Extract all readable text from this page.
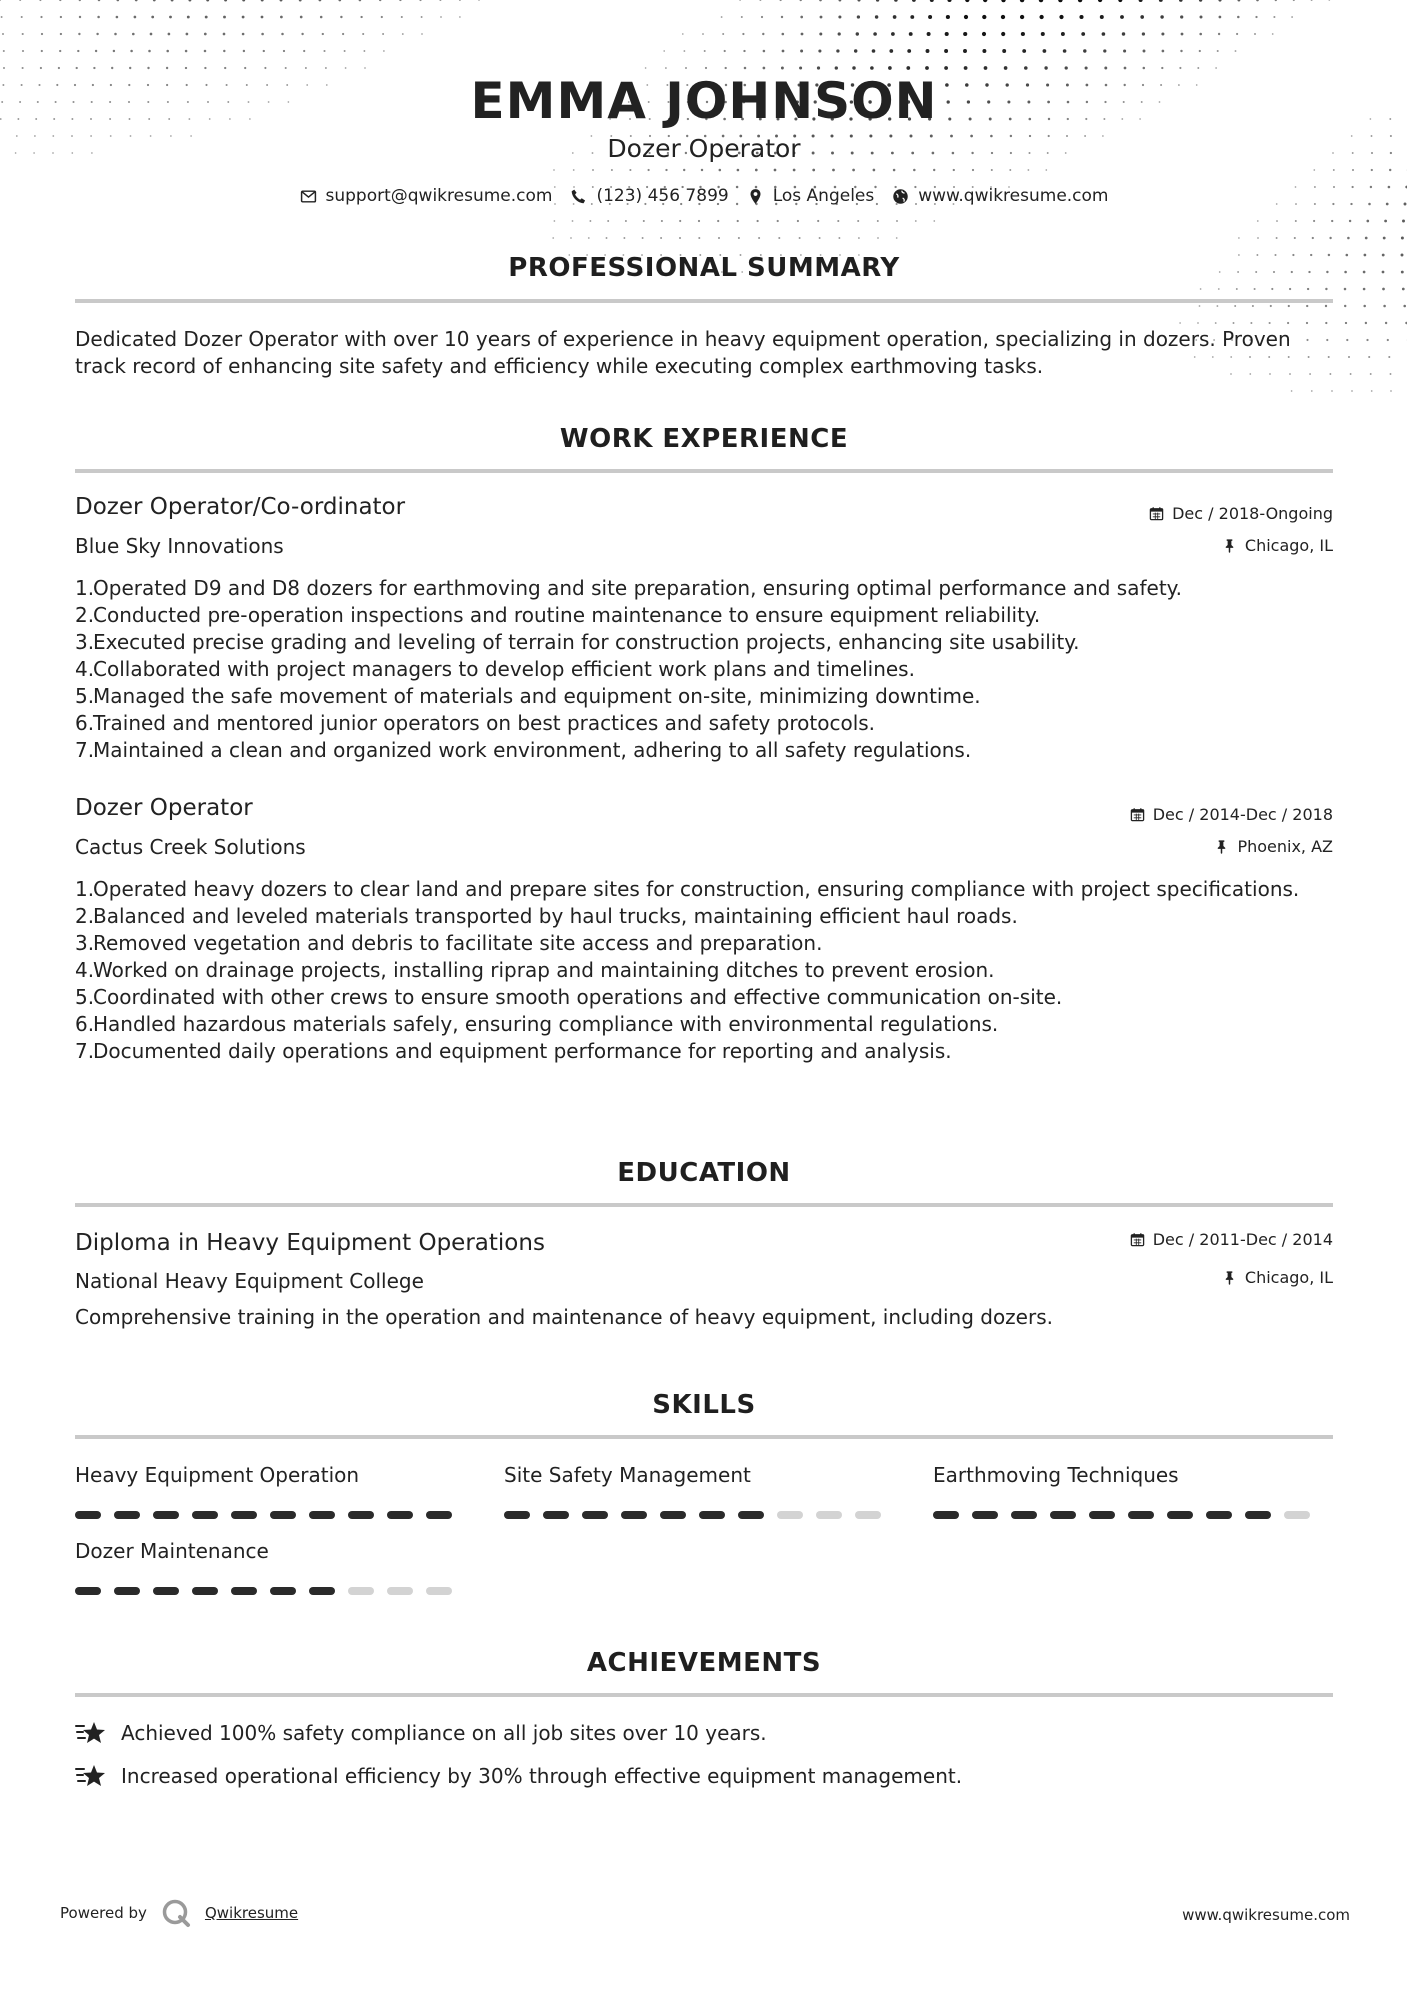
EMMA JOHNSON
Dozer Operator
support@qwikresume.com	(123) 456 7899	Los Angeles	www.qwikresume.com
PROFESSIONAL SUMMARY
Dedicated Dozer Operator with over 10 years of experience in heavy equipment operation, specializing in dozers. Proven track record of enhancing site safety and efficiency while executing complex earthmoving tasks.
WORK EXPERIENCE
Dozer Operator/Co-ordinator	Dec / 2018-Ongoing
Blue Sky Innovations	Chicago, IL
1.
Operated D9 and D8 dozers for earthmoving and site preparation, ensuring optimal performance and safety.
2.
Conducted pre-operation inspections and routine maintenance to ensure equipment reliability.
3.
Executed precise grading and leveling of terrain for construction projects, enhancing site usability.
4.
Collaborated with project managers to develop efficient work plans and timelines.
5.
Managed the safe movement of materials and equipment on-site, minimizing downtime.
6.
Trained and mentored junior operators on best practices and safety protocols.
7.
Maintained a clean and organized work environment, adhering to all safety regulations.
Dozer Operator	Dec / 2014-Dec / 2018
Cactus Creek Solutions	Phoenix, AZ
1.
Operated heavy dozers to clear land and prepare sites for construction, ensuring compliance with project specifications.
2.
Balanced and leveled materials transported by haul trucks, maintaining efficient haul roads.
3.
Removed vegetation and debris to facilitate site access and preparation.
4.
Worked on drainage projects, installing riprap and maintaining ditches to prevent erosion.
5.
Coordinated with other crews to ensure smooth operations and effective communication on-site.
6.
Handled hazardous materials safely, ensuring compliance with environmental regulations.
7.
Documented daily operations and equipment performance for reporting and analysis.
EDUCATION
Diploma in Heavy Equipment Operations	Dec / 2011-Dec / 2014
National Heavy Equipment College	Chicago, IL
Comprehensive training in the operation and maintenance of heavy equipment, including dozers.
SKILLS
Heavy Equipment Operation	Site Safety Management	Earthmoving Techniques
Dozer Maintenance
ACHIEVEMENTS
Achieved 100% safety compliance on all job sites over 10 years.
Increased operational efficiency by 30% through effective equipment management.
Powered by	Qwikresume	www.qwikresume.com
